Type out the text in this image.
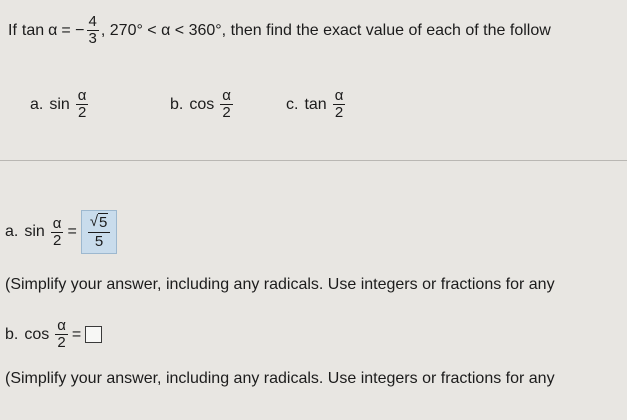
If tan α = − $\frac{4}{3}$ , 270° < α < 360° , then find the exact value of each of the follow
a. $\sin \frac{\alpha}{2}$	b. $\cos \frac{\alpha}{2}$	c. $\tan \frac{\alpha}{2}$
a. $\sin \frac{\alpha}{2} = \frac{√ 5}{5}$
(Simplify your answer, including any radicals. Use integers or fractions for any
b. $\cos \frac{\alpha}{2}$ =
(Simplify your answer, including any radicals. Use integers or fractions for any
